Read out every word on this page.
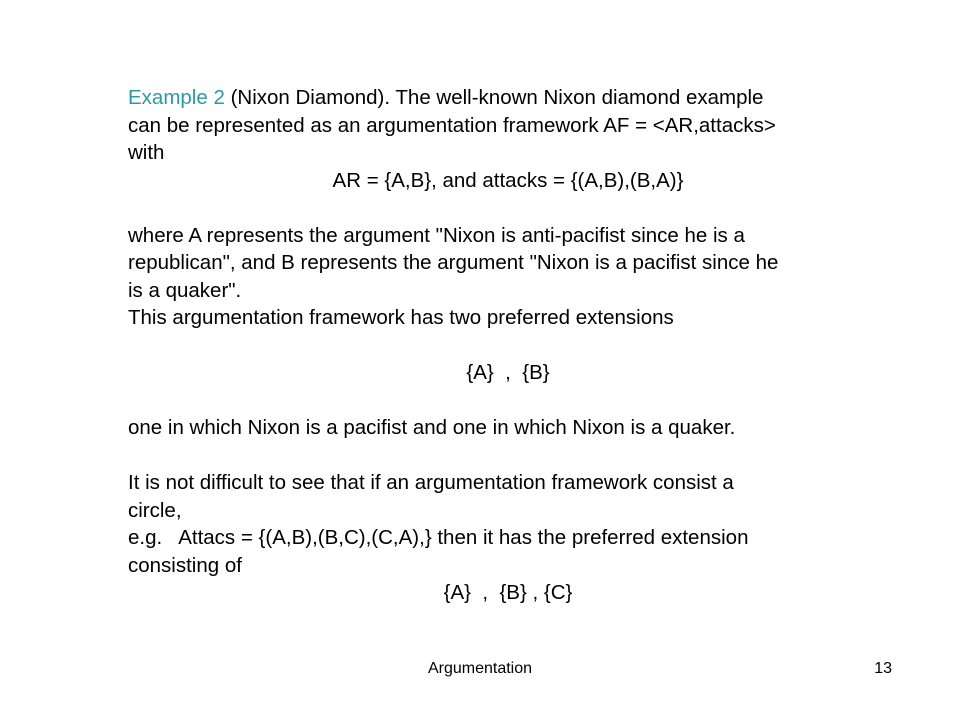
Example 2 (Nixon Diamond). The well-known Nixon diamond example
can be represented as an argumentation framework AF = <AR,attacks>
with
AR = {A,B}, and attacks = {(A,B),(B,A)}
where A represents the argument "Nixon is anti-pacifist since he is a
republican", and B represents the argument "Nixon is a pacifist since he
is a quaker".
This argumentation framework has two preferred extensions
{A}  ,  {B}
one in which Nixon is a pacifist and one in which Nixon is a quaker.
It is not difficult to see that if an argumentation framework consist a
circle,
e.g. Attacs = {(A,B),(B,C),(C,A),} then it has the preferred extension
consisting of
{A}  ,  {B} , {C}
Argumentation	13
